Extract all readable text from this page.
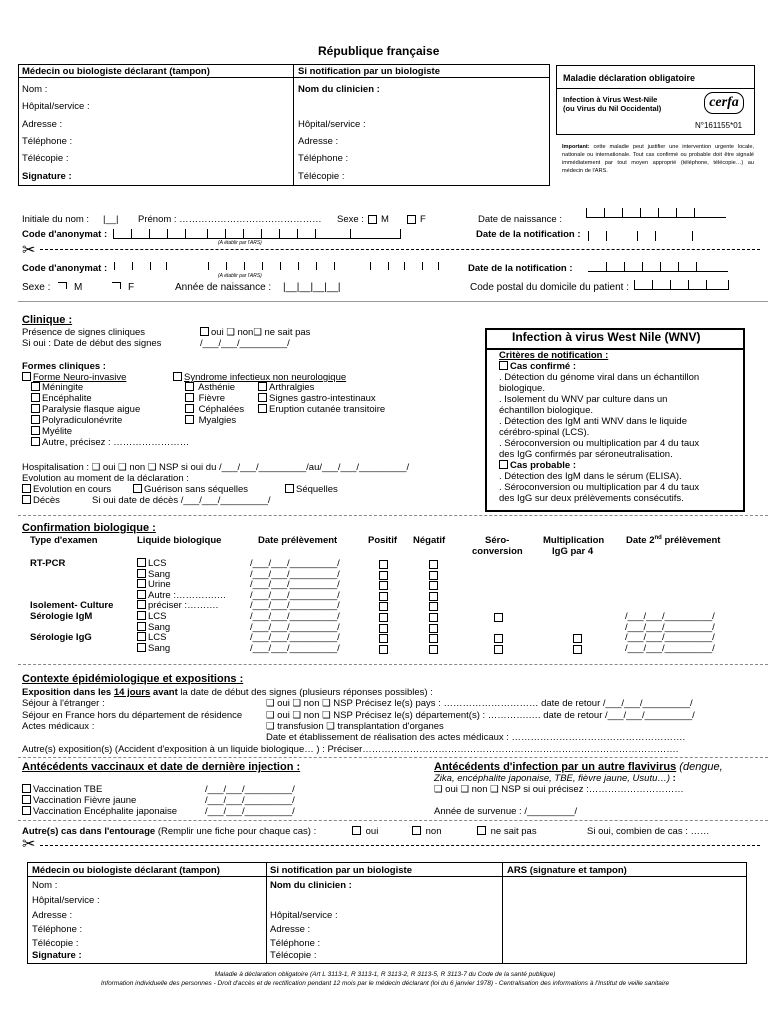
République française
Médecin ou biologiste déclarant (tampon)
Nom :
Hôpital/service :
Adresse :
Téléphone :
Télécopie :
Signature :
Si notification par un biologiste
Nom du clinicien :
Hôpital/service :
Adresse :
Téléphone :
Télécopie :
Maladie déclaration obligatoire
Infection à Virus West-Nile
(ou Virus du Nil Occidental)	cerfa
N°161155*01
Important: cette maladie peut justifier une intervention urgente locale, nationale ou internationale. Tout cas confirmé ou probable doit être signalé immédiatement par tout moyen approprié (téléphone, télécopie…) au médecin de l'ARS.
Initiale du nom : |__| Prénom : ……………………………………… Sexe : M	F	Date de naissance :
Code d'anonymat :
(A établir par l'ARS)
Date de la notification :
✂
Code d'anonymat :
(A établir par l'ARS)
Date de la notification :
Sexe : M	F	Année de naissance : |__|__|__|__|	Code postal du domicile du patient :
Clinique :
Présence de signes cliniques	oui ❑ non❑ ne sait pas
Si oui : Date de début des signes	/___/___/_________/
Formes cliniques :
Forme Neuro-invasive
Méningite
Encéphalite
Paralysie flasque aigue
Polyradiculonévrite
Myélite
Autre, précisez : ……………………
Syndrome infectieux non neurologique
Asthénie
Fièvre
Céphalées
Myalgies
Arthralgies
Signes gastro-intestinaux
Eruption cutanée transitoire
Hospitalisation : ❑ oui ❑ non ❑ NSP si oui du /___/___/_________/au/___/___/_________/
Evolution au moment de la déclaration :
Evolution en cours	Guérison sans séquelles	Séquelles
Décès	Si oui date de décès /___/___/_________/
Infection à virus West Nile (WNV)
Critères de notification :
Cas confirmé :
. Détection du génome viral dans un échantillon
biologique.
. Isolement du WNV par culture dans un
échantillon biologique.
. Détection des IgM anti WNV dans le liquide
cérébro-spinal (LCS).
. Séroconversion ou multiplication par 4 du taux
des IgG confirmés par séroneutralisation.
Cas probable :
. Détection des IgM dans le sérum (ELISA).
. Séroconversion ou multiplication par 4 du taux
des IgG sur deux prélèvements consécutifs.
Confirmation biologique :
Type d'examen	Liquide biologique	Date prélèvement	Positif Négatif	Séro-
conversion
Multiplication
IgG par 4
Date 2nd prélèvement
RT-PCR	LCS	/___/___/_________/
Sang	/___/___/_________/
Urine	/___/___/_________/
Autre :………….…	/___/___/_________/
Isolement- Culture	préciser :……….	/___/___/_________/
Sérologie IgM	LCS	/___/___/_________/	/___/___/_________/
Sang	/___/___/_________/	/___/___/_________/
Sérologie IgG	LCS	/___/___/_________/	/___/___/_________/
Sang	/___/___/_________/	/___/___/_________/
Contexte épidémiologique et expositions :
Exposition dans les 14 jours avant la date de début des signes (plusieurs réponses possibles) :
Séjour à l'étranger :	❑ oui ❑ non ❑ NSP Précisez le(s) pays : ………………………… date de retour /___/___/_________/
Séjour en France hors du département de résidence	❑ oui ❑ non ❑ NSP Précisez le(s) département(s) : ………….…. date de retour /___/___/_________/
Actes médicaux :	❑ transfusion ❑ transplantation d'organes
Date et établissement de réalisation des actes médicaux : ……………………………………………….
Autre(s) exposition(s) (Accident d'exposition à un liquide biologique… ) : Préciser……………………………………………………………………………………….
Antécédents vaccinaux et date de dernière injection :
Vaccination TBE	/___/___/_________/
Vaccination Fièvre jaune	/___/___/_________/
Vaccination Encéphalite japonaise	/___/___/_________/
Antécédents d'infection par un autre flavivirus (dengue,
Zika, encéphalite japonaise, TBE, fièvre jaune, Usutu…) :
❑ oui ❑ non ❑ NSP si oui précisez :…………………………
Année de survenue : /_________/
Autre(s) cas dans l'entourage (Remplir une fiche pour chaque cas) :	oui	non	ne sait pas	Si oui, combien de cas : ……
✂
Médecin ou biologiste déclarant (tampon)
Nom :
Hôpital/service :
Adresse :
Téléphone :
Télécopie :
Signature :
Si notification par un biologiste
Nom du clinicien :
Hôpital/service :
Adresse :
Téléphone :
Télécopie :
ARS (signature et tampon)
Maladie à déclaration obligatoire (Art L 3113-1, R 3113-1, R 3113-2, R 3113-5, R 3113-7 du Code de la santé publique)
Information individuelle des personnes - Droit d'accès et de rectification pendant 12 mois par le médecin déclarant (loi du 6 janvier 1978) - Centralisation des informations à l'Institut de veille sanitaire
